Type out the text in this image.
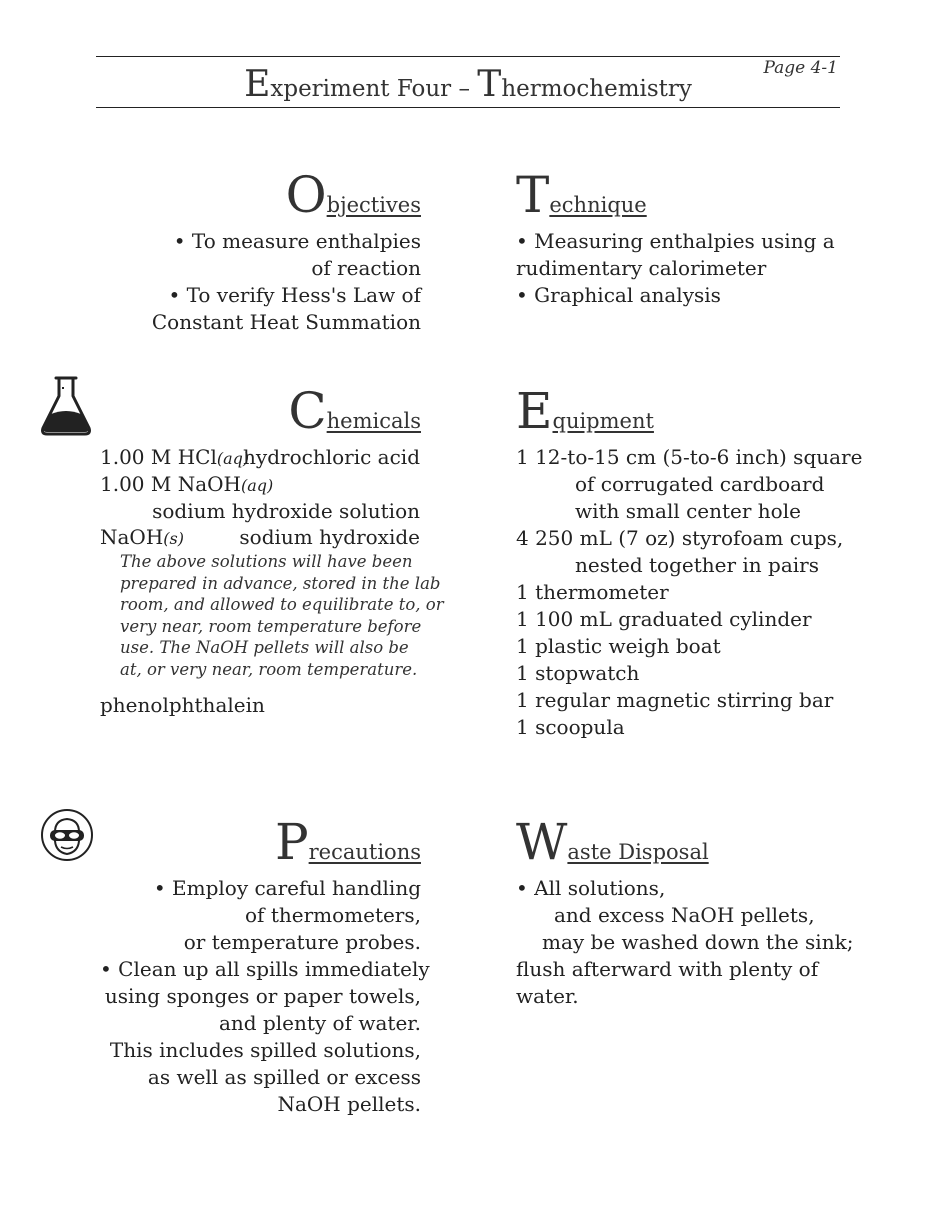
Page 4-1
Experiment Four – Thermochemistry
Objectives
• To measure enthalpies
of reaction
• To verify Hess's Law of
Constant Heat Summation
Technique
• Measuring enthalpies using a
rudimentary calorimeter
• Graphical analysis
Chemicals
1.00 M HCl(aq)
hydrochloric acid
1.00 M NaOH(aq)
sodium hydroxide solution
NaOH(s)	sodium hydroxide
The above solutions will have been
prepared in advance, stored in the lab
room, and allowed to equilibrate to, or
very near, room temperature before
use. The NaOH pellets will also be
at, or very near, room temperature.
phenolphthalein
Equipment
1 12-to-15 cm (5-to-6 inch) square
of corrugated cardboard
with small center hole
4 250 mL (7 oz) styrofoam cups,
nested together in pairs
1 thermometer
1 100 mL graduated cylinder
1 plastic weigh boat
1 stopwatch
1 regular magnetic stirring bar
1 scoopula
Precautions
• Employ careful handling
of thermometers,
or temperature probes.
• Clean up all spills immediately
using sponges or paper towels,
and plenty of water.
This includes spilled solutions,
as well as spilled or excess
NaOH pellets.
Waste Disposal
• All solutions,
and excess NaOH pellets,
may be washed down the sink;
flush afterward with plenty of
water.
